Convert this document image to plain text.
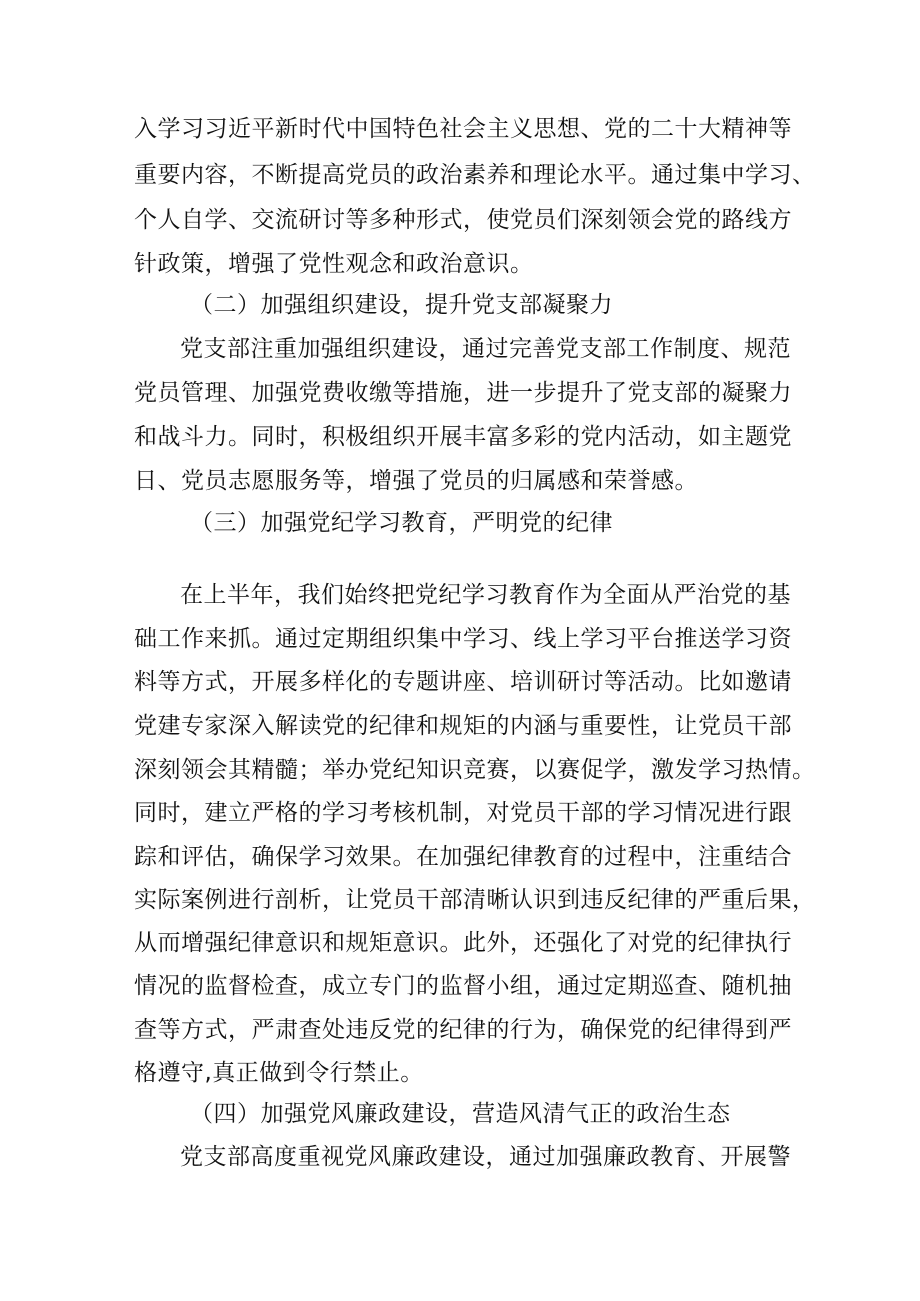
入学习习近平新时代中国特色社会主义思想、党的二十大精神等
重要内容，不断提高党员的政治素养和理论水平。通过集中学习、
个人自学、交流研讨等多种形式，使党员们深刻领会党的路线方
针政策，增强了党性观念和政治意识。
（二）加强组织建设，提升党支部凝聚力
党支部注重加强组织建设，通过完善党支部工作制度、规范
党员管理、加强党费收缴等措施，进一步提升了党支部的凝聚力
和战斗力。同时，积极组织开展丰富多彩的党内活动，如主题党
日、党员志愿服务等，增强了党员的归属感和荣誉感。
（三）加强党纪学习教育，严明党的纪律
在上半年，我们始终把党纪学习教育作为全面从严治党的基
础工作来抓。通过定期组织集中学习、线上学习平台推送学习资
料等方式，开展多样化的专题讲座、培训研讨等活动。比如邀请
党建专家深入解读党的纪律和规矩的内涵与重要性，让党员干部
深刻领会其精髓；举办党纪知识竞赛，以赛促学，激发学习热情。
同时，建立严格的学习考核机制，对党员干部的学习情况进行跟
踪和评估，确保学习效果。在加强纪律教育的过程中，注重结合
实际案例进行剖析，让党员干部清晰认识到违反纪律的严重后果，
从而增强纪律意识和规矩意识。此外，还强化了对党的纪律执行
情况的监督检查，成立专门的监督小组，通过定期巡查、随机抽
查等方式，严肃查处违反党的纪律的行为，确保党的纪律得到严
格遵守,真正做到令行禁止。
（四）加强党风廉政建设，营造风清气正的政治生态
党支部高度重视党风廉政建设，通过加强廉政教育、开展警
